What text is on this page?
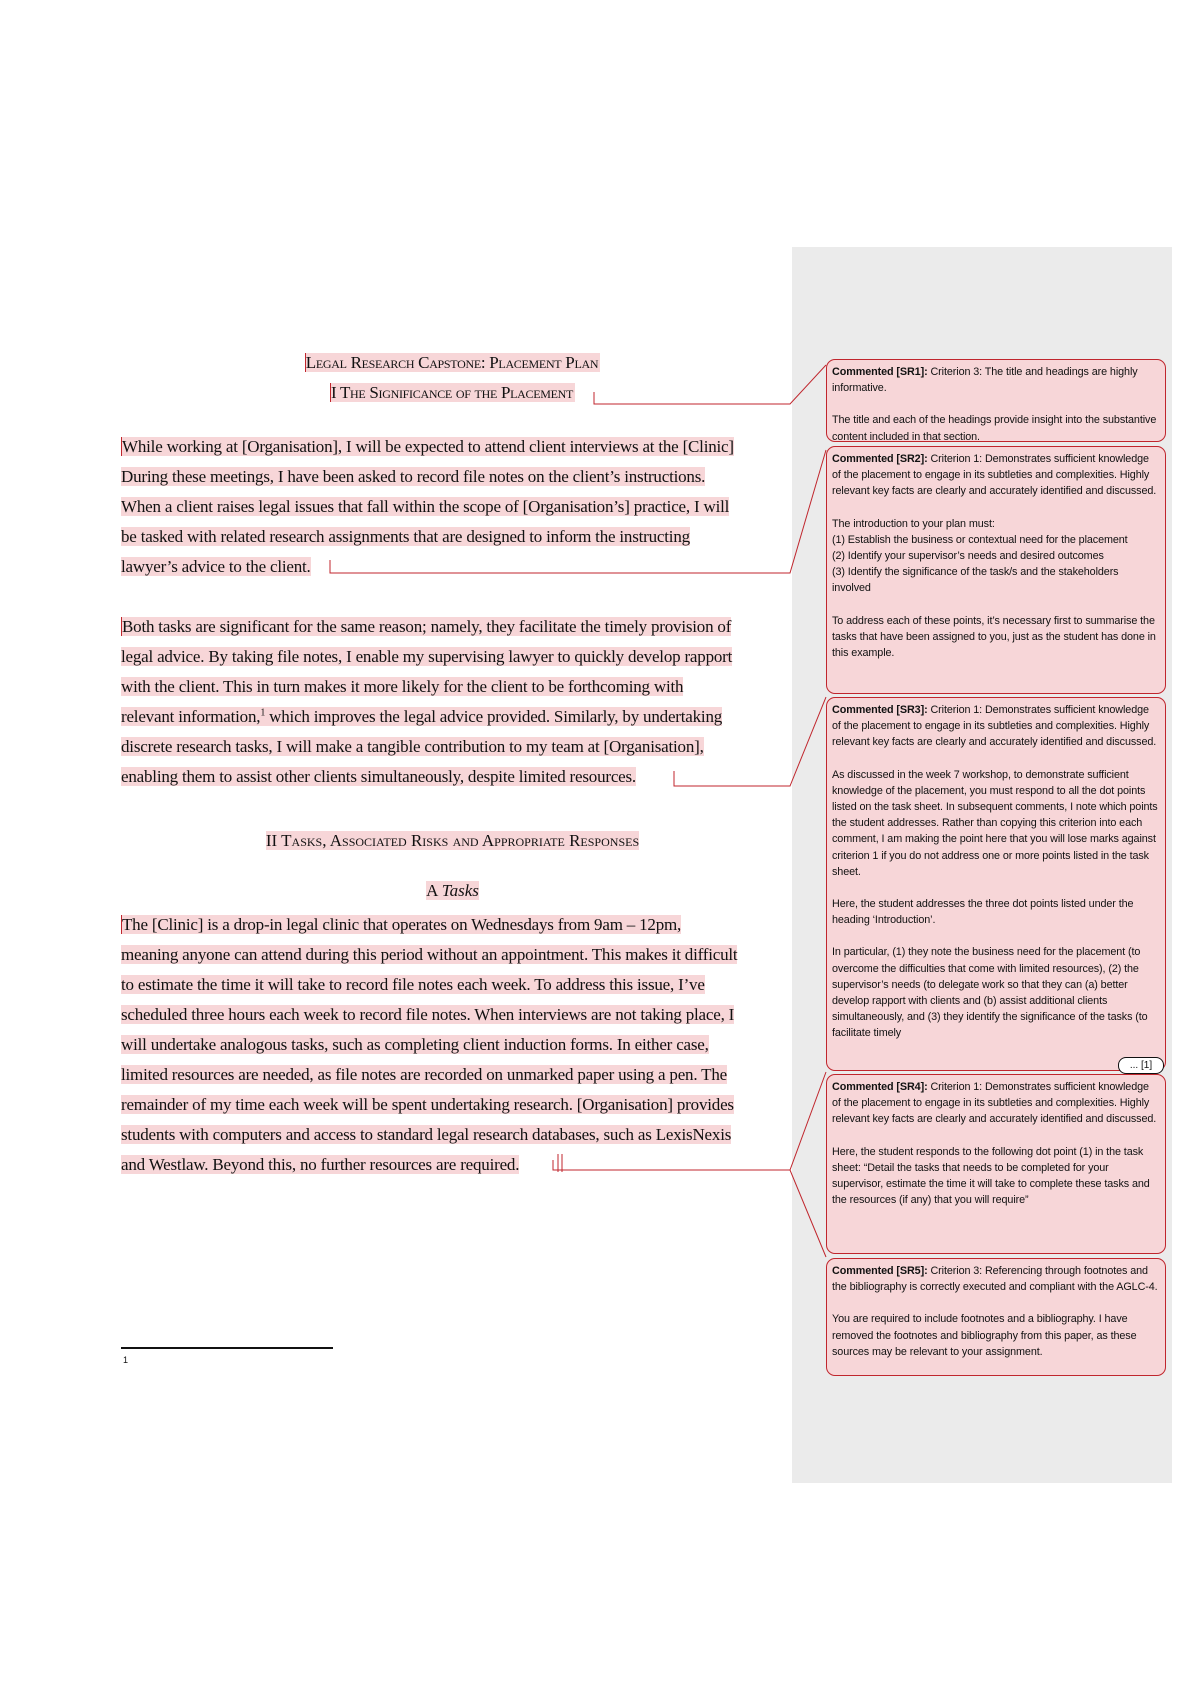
Legal Research Capstone: Placement Plan
I The Significance of the Placement
While working at [Organisation], I will be expected to attend client interviews at the [Clinic]
During these meetings, I have been asked to record file notes on the client’s instructions.
When a client raises legal issues that fall within the scope of [Organisation’s] practice, I will
be tasked with related research assignments that are designed to inform the instructing
lawyer’s advice to the client.
Both tasks are significant for the same reason; namely, they facilitate the timely provision of
legal advice. By taking file notes, I enable my supervising lawyer to quickly develop rapport
with the client. This in turn makes it more likely for the client to be forthcoming with
relevant information,$^1$ which improves the legal advice provided. Similarly, by undertaking
discrete research tasks, I will make a tangible contribution to my team at [Organisation],
enabling them to assist other clients simultaneously, despite limited resources.
II Tasks, Associated Risks and Appropriate Responses
A Tasks
The [Clinic] is a drop-in legal clinic that operates on Wednesdays from 9am – 12pm,
meaning anyone can attend during this period without an appointment. This makes it difficult
to estimate the time it will take to record file notes each week. To address this issue, I’ve
scheduled three hours each week to record file notes. When interviews are not taking place, I
will undertake analogous tasks, such as completing client induction forms. In either case,
limited resources are needed, as file notes are recorded on unmarked paper using a pen. The
remainder of my time each week will be spent undertaking research. [Organisation] provides
students with computers and access to standard legal research databases, such as LexisNexis
and Westlaw. Beyond this, no further resources are required.
1

Commented [SR1]: Criterion 3: The title and headings are highly informative.

The title and each of the headings provide insight into the substantive content included in that section.

Commented [SR2]: Criterion 1: Demonstrates sufficient knowledge of the placement to engage in its subtleties and complexities. Highly relevant key facts are clearly and accurately identified and discussed.

The introduction to your plan must:

(1) Establish the business or contextual need for the placement

(2) Identify your supervisor’s needs and desired outcomes

(3) Identify the significance of the task/s and the stakeholders involved

To address each of these points, it’s necessary first to summarise the tasks that have been assigned to you, just as the student has done in this example.

Commented [SR3]: Criterion 1: Demonstrates sufficient knowledge of the placement to engage in its subtleties and complexities. Highly relevant key facts are clearly and accurately identified and discussed.

As discussed in the week 7 workshop, to demonstrate sufficient knowledge of the placement, you must respond to all the dot points listed on the task sheet. In subsequent comments, I note which points the student addresses. Rather than copying this criterion into each comment, I am making the point here that you will lose marks against criterion 1 if you do not address one or more points listed in the task sheet.

Here, the student addresses the three dot points listed under the heading ‘Introduction’.

In particular, (1) they note the business need for the placement (to overcome the difficulties that come with limited resources), (2) the supervisor’s needs (to delegate work so that they can (a) better develop rapport with clients and (b) assist additional clients simultaneously, and (3) they identify the significance of the tasks (to facilitate timely

... [1]

Commented [SR4]: Criterion 1: Demonstrates sufficient knowledge of the placement to engage in its subtleties and complexities. Highly relevant key facts are clearly and accurately identified and discussed.

Here, the student responds to the following dot point (1) in the task sheet: “Detail the tasks that needs to be completed for your supervisor, estimate the time it will take to complete these tasks and the resources (if any) that you will require”

Commented [SR5]: Criterion 3: Referencing through footnotes and the bibliography is correctly executed and compliant with the AGLC-4.

You are required to include footnotes and a bibliography. I have removed the footnotes and bibliography from this paper, as these sources may be relevant to your assignment.
